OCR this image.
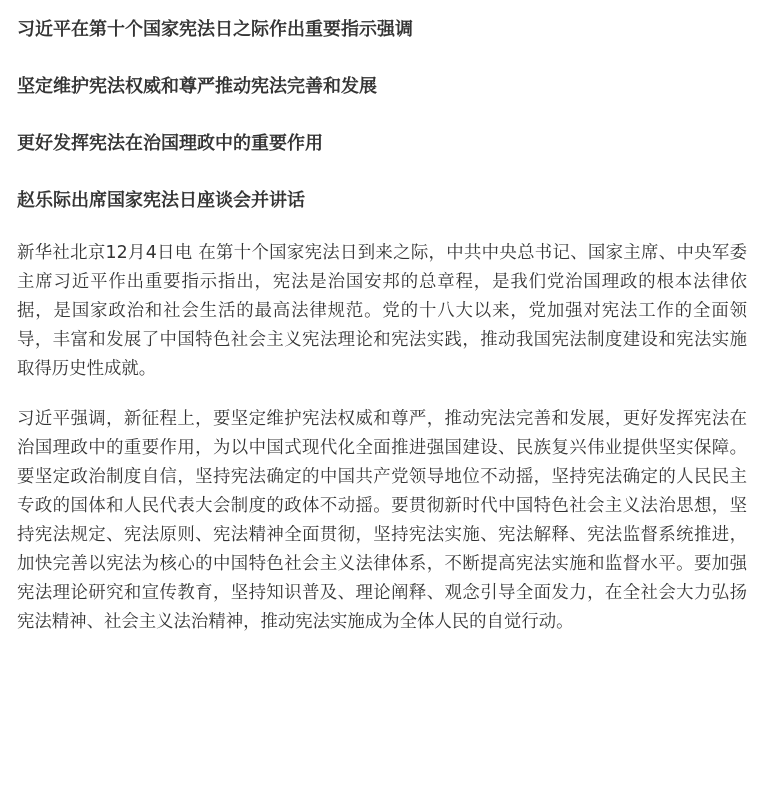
习近平在第十个国家宪法日之际作出重要指示强调
坚定维护宪法权威和尊严推动宪法完善和发展
更好发挥宪法在治国理政中的重要作用
赵乐际出席国家宪法日座谈会并讲话

新华社北京12月4日电 在第十个国家宪法日到来之际，中共中央总书记、国家主席、中央军委主席习近平作出重要指示指出，宪法是治国安邦的总章程，是我们党治国理政的根本法律依据，是国家政治和社会生活的最高法律规范。党的十八大以来，党加强对宪法工作的全面领导，丰富和发展了中国特色社会主义宪法理论和宪法实践，推动我国宪法制度建设和宪法实施取得历史性成就。

习近平强调，新征程上，要坚定维护宪法权威和尊严，推动宪法完善和发展，更好发挥宪法在治国理政中的重要作用，为以中国式现代化全面推进强国建设、民族复兴伟业提供坚实保障。要坚定政治制度自信，坚持宪法确定的中国共产党领导地位不动摇，坚持宪法确定的人民民主专政的国体和人民代表大会制度的政体不动摇。要贯彻新时代中国特色社会主义法治思想，坚持宪法规定、宪法原则、宪法精神全面贯彻，坚持宪法实施、宪法解释、宪法监督系统推进，加快完善以宪法为核心的中国特色社会主义法律体系，不断提高宪法实施和监督水平。要加强宪法理论研究和宣传教育，坚持知识普及、理论阐释、观念引导全面发力，在全社会大力弘扬宪法精神、社会主义法治精神，推动宪法实施成为全体人民的自觉行动。
